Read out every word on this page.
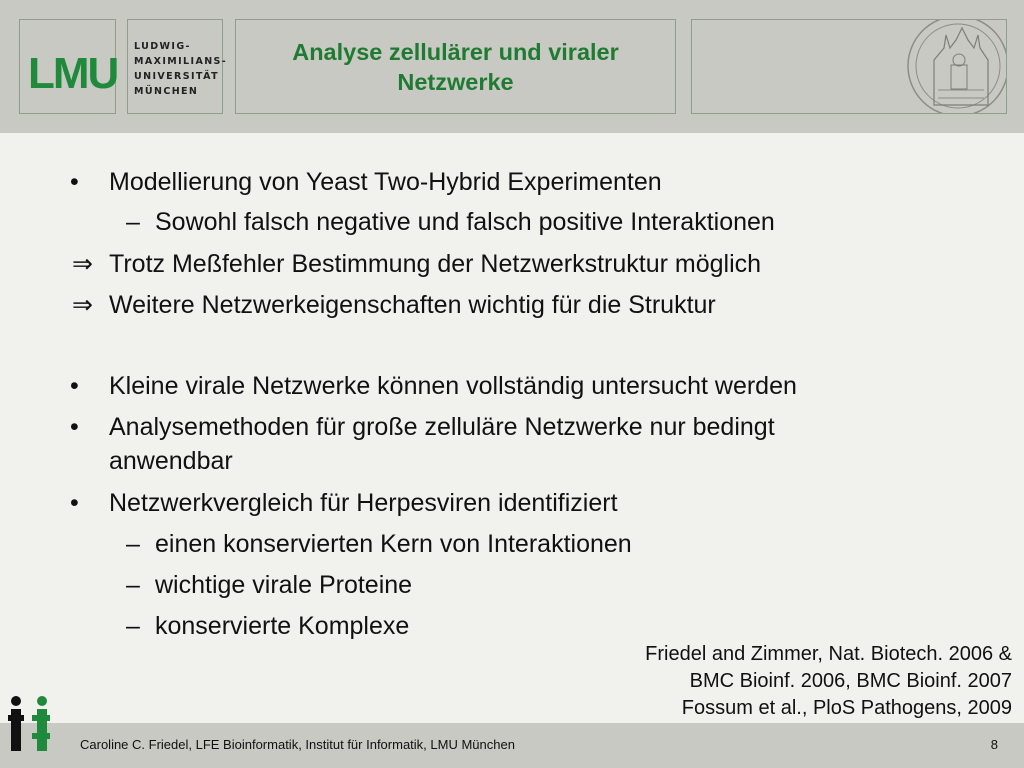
LMU
LUDWIG-
MAXIMILIANS-
UNIVERSITÄT
MÜNCHEN
Analyse zellulärer und viraler
Netzwerke
• Modellierung von Yeast Two-Hybrid Experimenten
– Sowohl falsch negative und falsch positive Interaktionen
⇒ Trotz Meßfehler Bestimmung der Netzwerkstruktur möglich
⇒ Weitere Netzwerkeigenschaften wichtig für die Struktur
• Kleine virale Netzwerke können vollständig untersucht werden
• Analysemethoden für große zelluläre Netzwerke nur bedingt
anwendbar
• Netzwerkvergleich für Herpesviren identifiziert
– einen konservierten Kern von Interaktionen
– wichtige virale Proteine
– konservierte Komplexe
Friedel and Zimmer, Nat. Biotech. 2006 &
BMC Bioinf. 2006, BMC Bioinf. 2007
Fossum et al., PloS Pathogens, 2009
Caroline C. Friedel, LFE Bioinformatik, Institut für Informatik, LMU München	8
